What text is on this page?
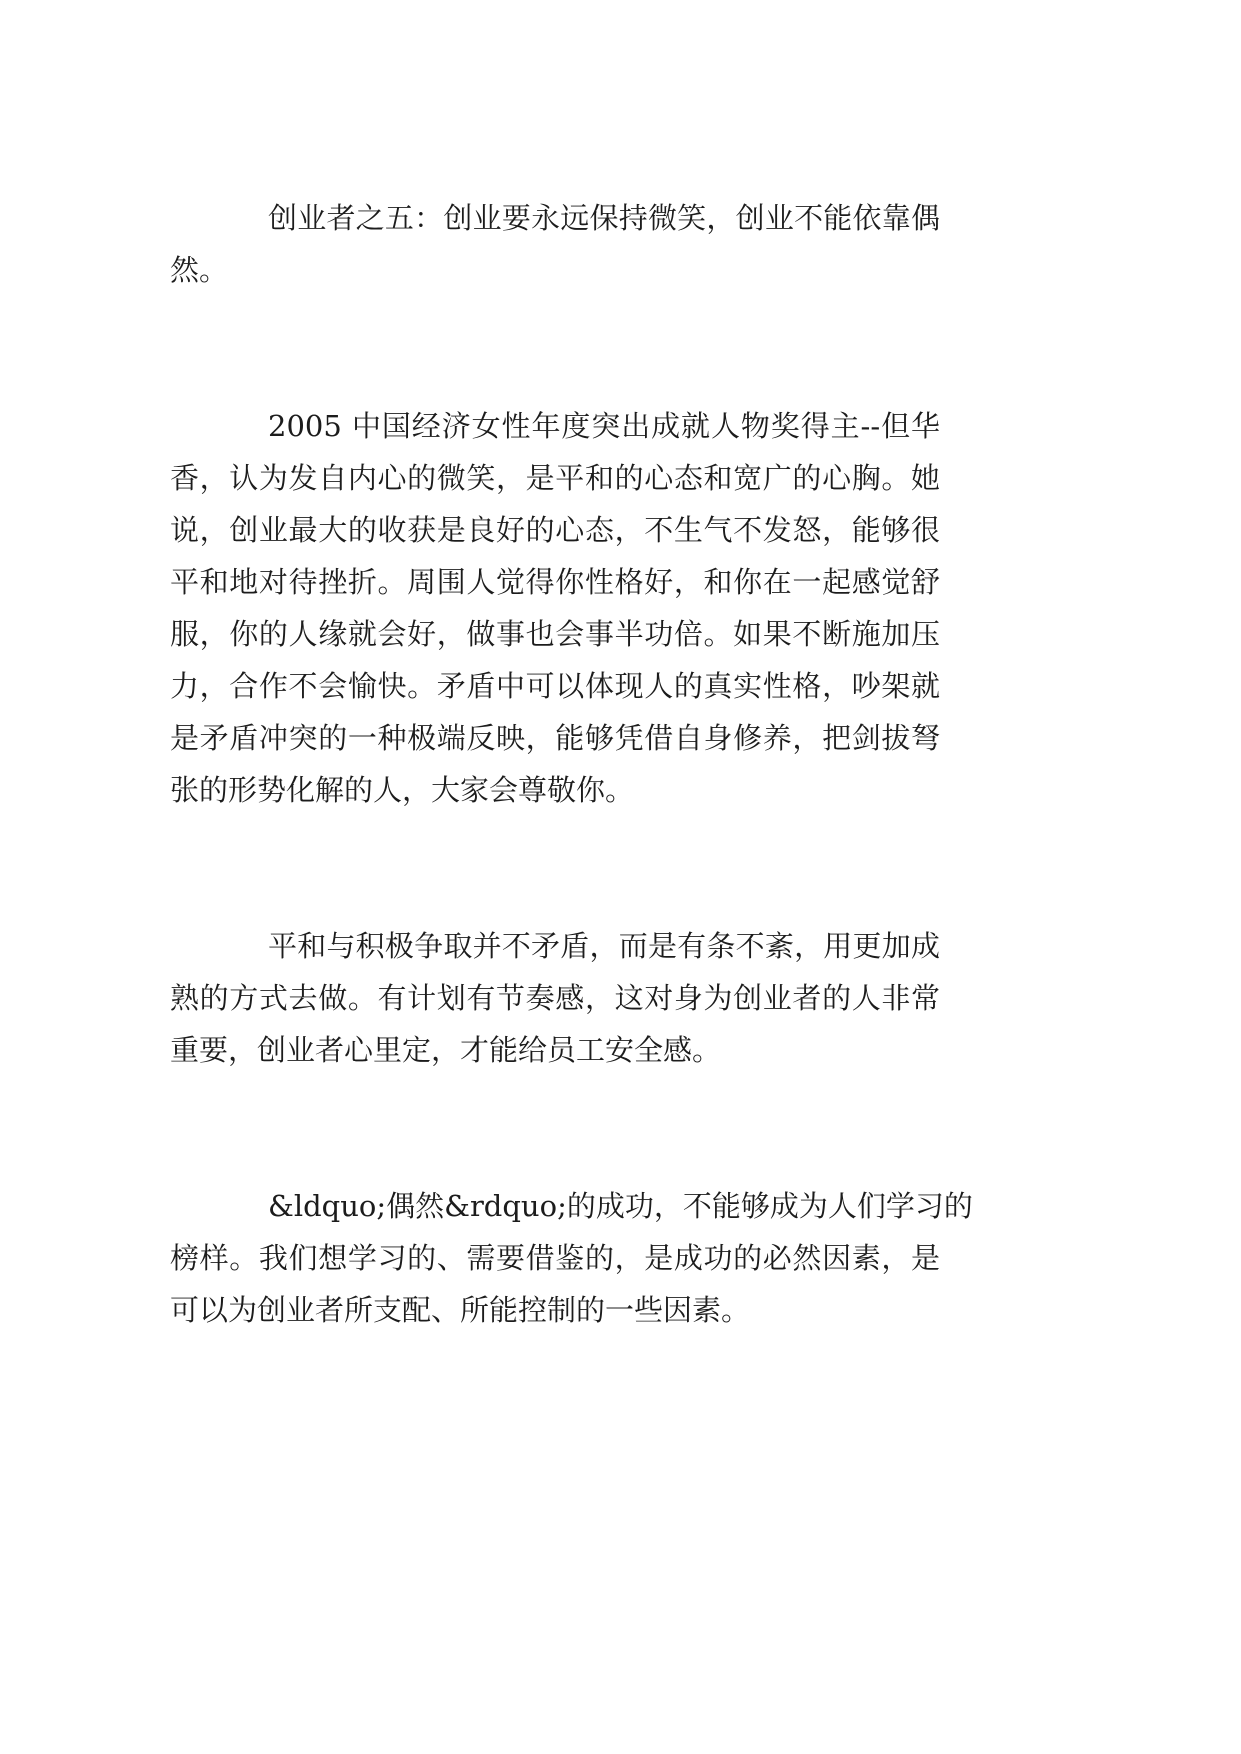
创业者之五：创业要永远保持微笑，创业不能依靠偶
然。
2005 中国经济女性年度突出成就人物奖得主--但华
香，认为发自内心的微笑，是平和的心态和宽广的心胸。她
说，创业最大的收获是良好的心态，不生气不发怒，能够很
平和地对待挫折。周围人觉得你性格好，和你在一起感觉舒
服，你的人缘就会好，做事也会事半功倍。如果不断施加压
力，合作不会愉快。矛盾中可以体现人的真实性格，吵架就
是矛盾冲突的一种极端反映，能够凭借自身修养，把剑拔弩
张的形势化解的人，大家会尊敬你。
平和与积极争取并不矛盾，而是有条不紊，用更加成
熟的方式去做。有计划有节奏感，这对身为创业者的人非常
重要，创业者心里定，才能给员工安全感。
&ldquo;偶然&rdquo;的成功，不能够成为人们学习的
榜样。我们想学习的、需要借鉴的，是成功的必然因素，是
可以为创业者所支配、所能控制的一些因素。
